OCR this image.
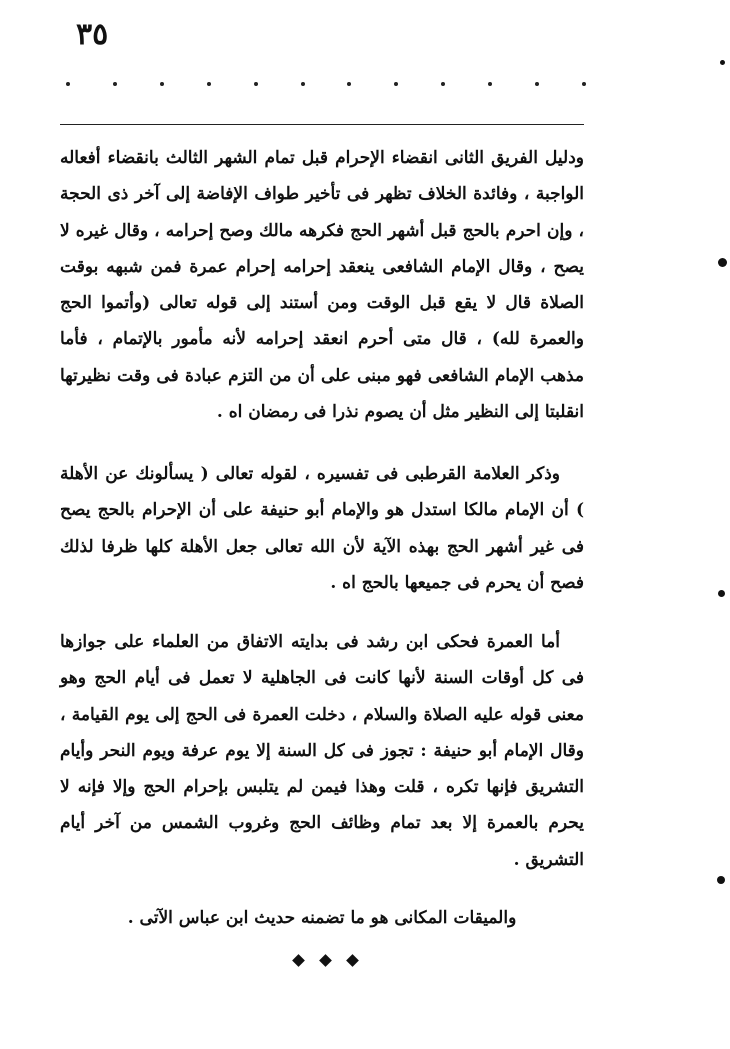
٣٥

ودليل الفريق الثانى انقضاء الإحرام قبل تمام الشهر الثالث بانقضاء أفعاله الواجبة ، وفائدة الخلاف تظهر فى تأخير طواف الإفاضة إلى آخر ذى الحجة ، وإن احرم بالحج قبل أشهر الحج فكرهه مالك وصح إحرامه ، وقال غيره لا يصح ، وقال الإمام الشافعى ينعقد إحرامه إحرام عمرة فمن شبهه بوقت الصلاة قال لا يقع قبل الوقت ومن أستند إلى قوله تعالى (وأتموا الحج والعمرة لله) ، قال متى أحرم انعقد إحرامه لأنه مأمور بالإتمام ، فأما مذهب الإمام الشافعى فهو مبنى على أن من التزم عبادة فى وقت نظيرتها انقلبتا إلى النظير مثل أن يصوم نذرا فى رمضان اه .

وذكر العلامة القرطبى فى تفسيره ، لقوله تعالى ( يسألونك عن الأهلة ) أن الإمام مالكا استدل هو والإمام أبو حنيفة على أن الإحرام بالحج يصح فى غير أشهر الحج بهذه الآية لأن الله تعالى جعل الأهلة كلها ظرفا لذلك فصح أن يحرم فى جميعها بالحج اه .

أما العمرة فحكى ابن رشد فى بدايته الاتفاق من العلماء على جوازها فى كل أوقات السنة لأنها كانت فى الجاهلية لا تعمل فى أيام الحج وهو معنى قوله عليه الصلاة والسلام ، دخلت العمرة فى الحج إلى يوم القيامة ، وقال الإمام أبو حنيفة : تجوز فى كل السنة إلا يوم عرفة ويوم النحر وأيام التشريق فإنها تكره ، قلت وهذا فيمن لم يتلبس بإحرام الحج وإلا فإنه لا يحرم بالعمرة إلا بعد تمام وظائف الحج وغروب الشمس من آخر أيام التشريق .

والميقات المكانى هو ما تضمنه حديث ابن عباس الآتى .
